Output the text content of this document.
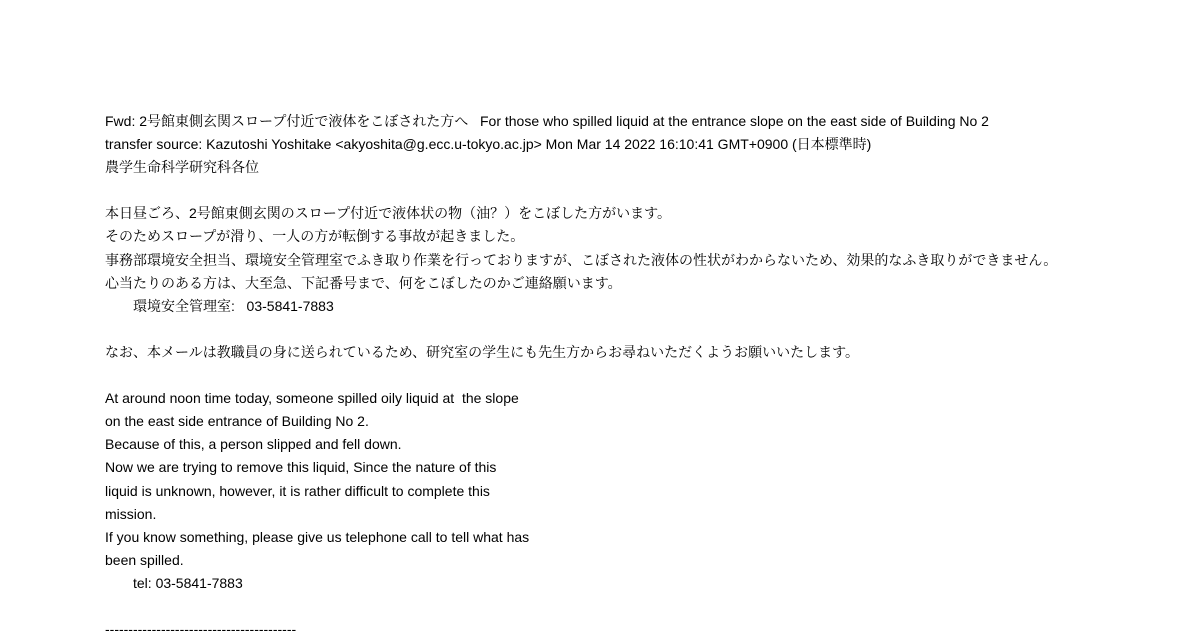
Fwd: 2号館東側玄関スロープ付近で液体をこぼされた方へ   For those who spilled liquid at the entrance slope on the east side of Building No 2
transfer source: Kazutoshi Yoshitake <akyoshita@g.ecc.u-tokyo.ac.jp> Mon Mar 14 2022 16:10:41 GMT+0900 (日本標準時)
農学生命科学研究科各位
本日昼ごろ、2号館東側玄関のスロープ付近で液体状の物（油？）をこぼした方がいます。
そのためスロープが滑り、一人の方が転倒する事故が起きました。
事務部環境安全担当、環境安全管理室でふき取り作業を行っておりますが、こぼされた液体の性状がわからないため、効果的なふき取りができません。
心当たりのある方は、大至急、下記番号まで、何をこぼしたのかご連絡願います。
環境安全管理室:   03-5841-7883
なお、本メールは教職員の身に送られているため、研究室の学生にも先生方からお尋ねいただくようお願いいたします。
At around noon time today, someone spilled oily liquid at  the slope
on the east side entrance of Building No 2.
Because of this, a person slipped and fell down.
Now we are trying to remove this liquid, Since the nature of this
liquid is unknown, however, it is rather difficult to complete this
mission.
If you know something, please give us telephone call to tell what has
been spilled.
tel: 03-5841-7883
-----------------------------------------
